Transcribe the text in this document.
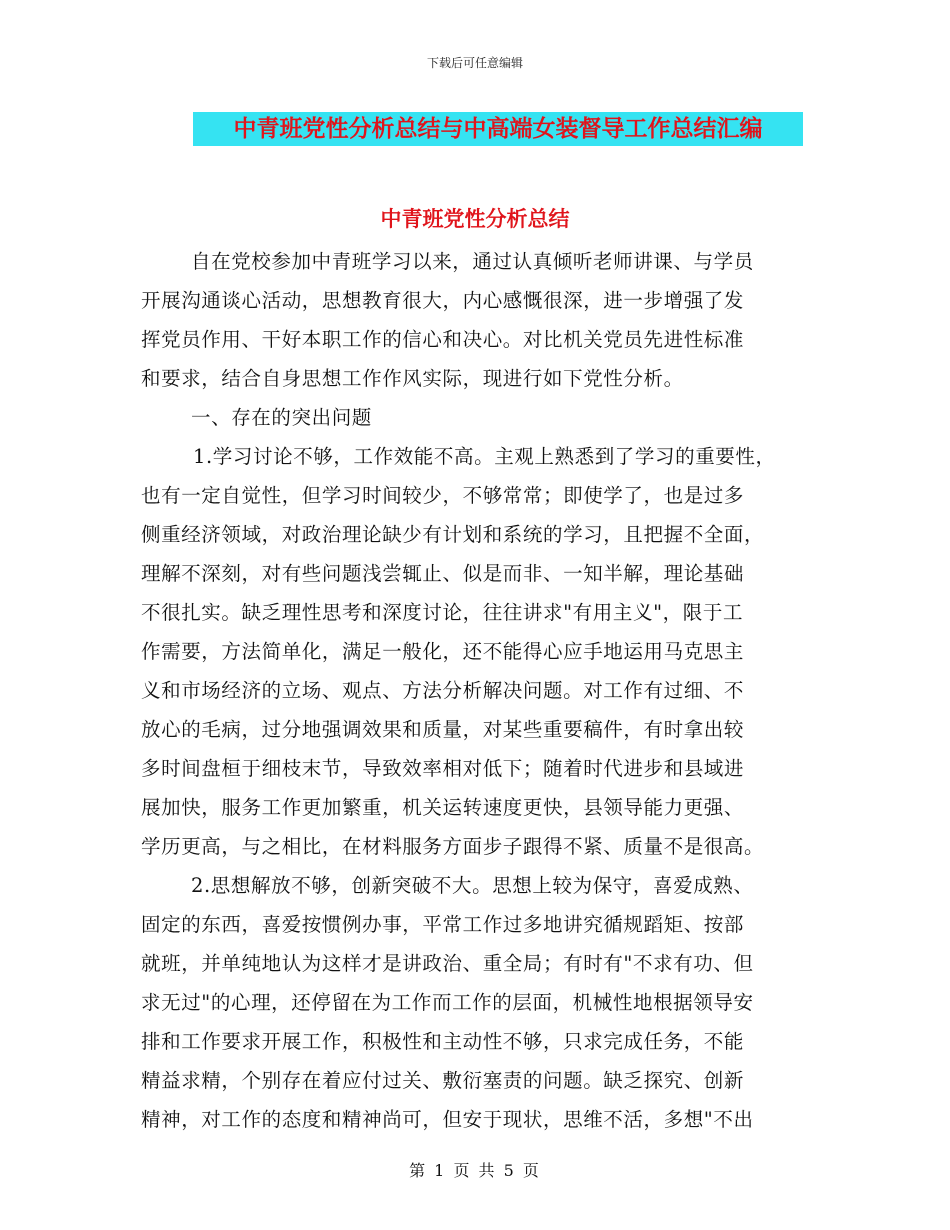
下载后可任意编辑
中青班党性分析总结与中高端女装督导工作总结汇编
中青班党性分析总结
自在党校参加中青班学习以来，通过认真倾听老师讲课、与学员
开展沟通谈心活动，思想教育很大，内心感慨很深，进一步增强了发
挥党员作用、干好本职工作的信心和决心。对比机关党员先进性标准
和要求，结合自身思想工作作风实际，现进行如下党性分析。
一、存在的突出问题
1.学习讨论不够，工作效能不高。主观上熟悉到了学习的重要性，
也有一定自觉性，但学习时间较少，不够常常；即使学了，也是过多
侧重经济领域，对政治理论缺少有计划和系统的学习，且把握不全面，
理解不深刻，对有些问题浅尝辄止、似是而非、一知半解，理论基础
不很扎实。缺乏理性思考和深度讨论，往往讲求"有用主义"，限于工
作需要，方法简单化，满足一般化，还不能得心应手地运用马克思主
义和市场经济的立场、观点、方法分析解决问题。对工作有过细、不
放心的毛病，过分地强调效果和质量，对某些重要稿件，有时拿出较
多时间盘桓于细枝末节，导致效率相对低下；随着时代进步和县域进
展加快，服务工作更加繁重，机关运转速度更快，县领导能力更强、
学历更高，与之相比，在材料服务方面步子跟得不紧、质量不是很高。
2.思想解放不够，创新突破不大。思想上较为保守，喜爱成熟、
固定的东西，喜爱按惯例办事，平常工作过多地讲究循规蹈矩、按部
就班，并单纯地认为这样才是讲政治、重全局；有时有"不求有功、但
求无过"的心理，还停留在为工作而工作的层面，机械性地根据领导安
排和工作要求开展工作，积极性和主动性不够，只求完成任务，不能
精益求精，个别存在着应付过关、敷衍塞责的问题。缺乏探究、创新
精神，对工作的态度和精神尚可，但安于现状，思维不活，多想"不出
第 1 页 共 5 页
